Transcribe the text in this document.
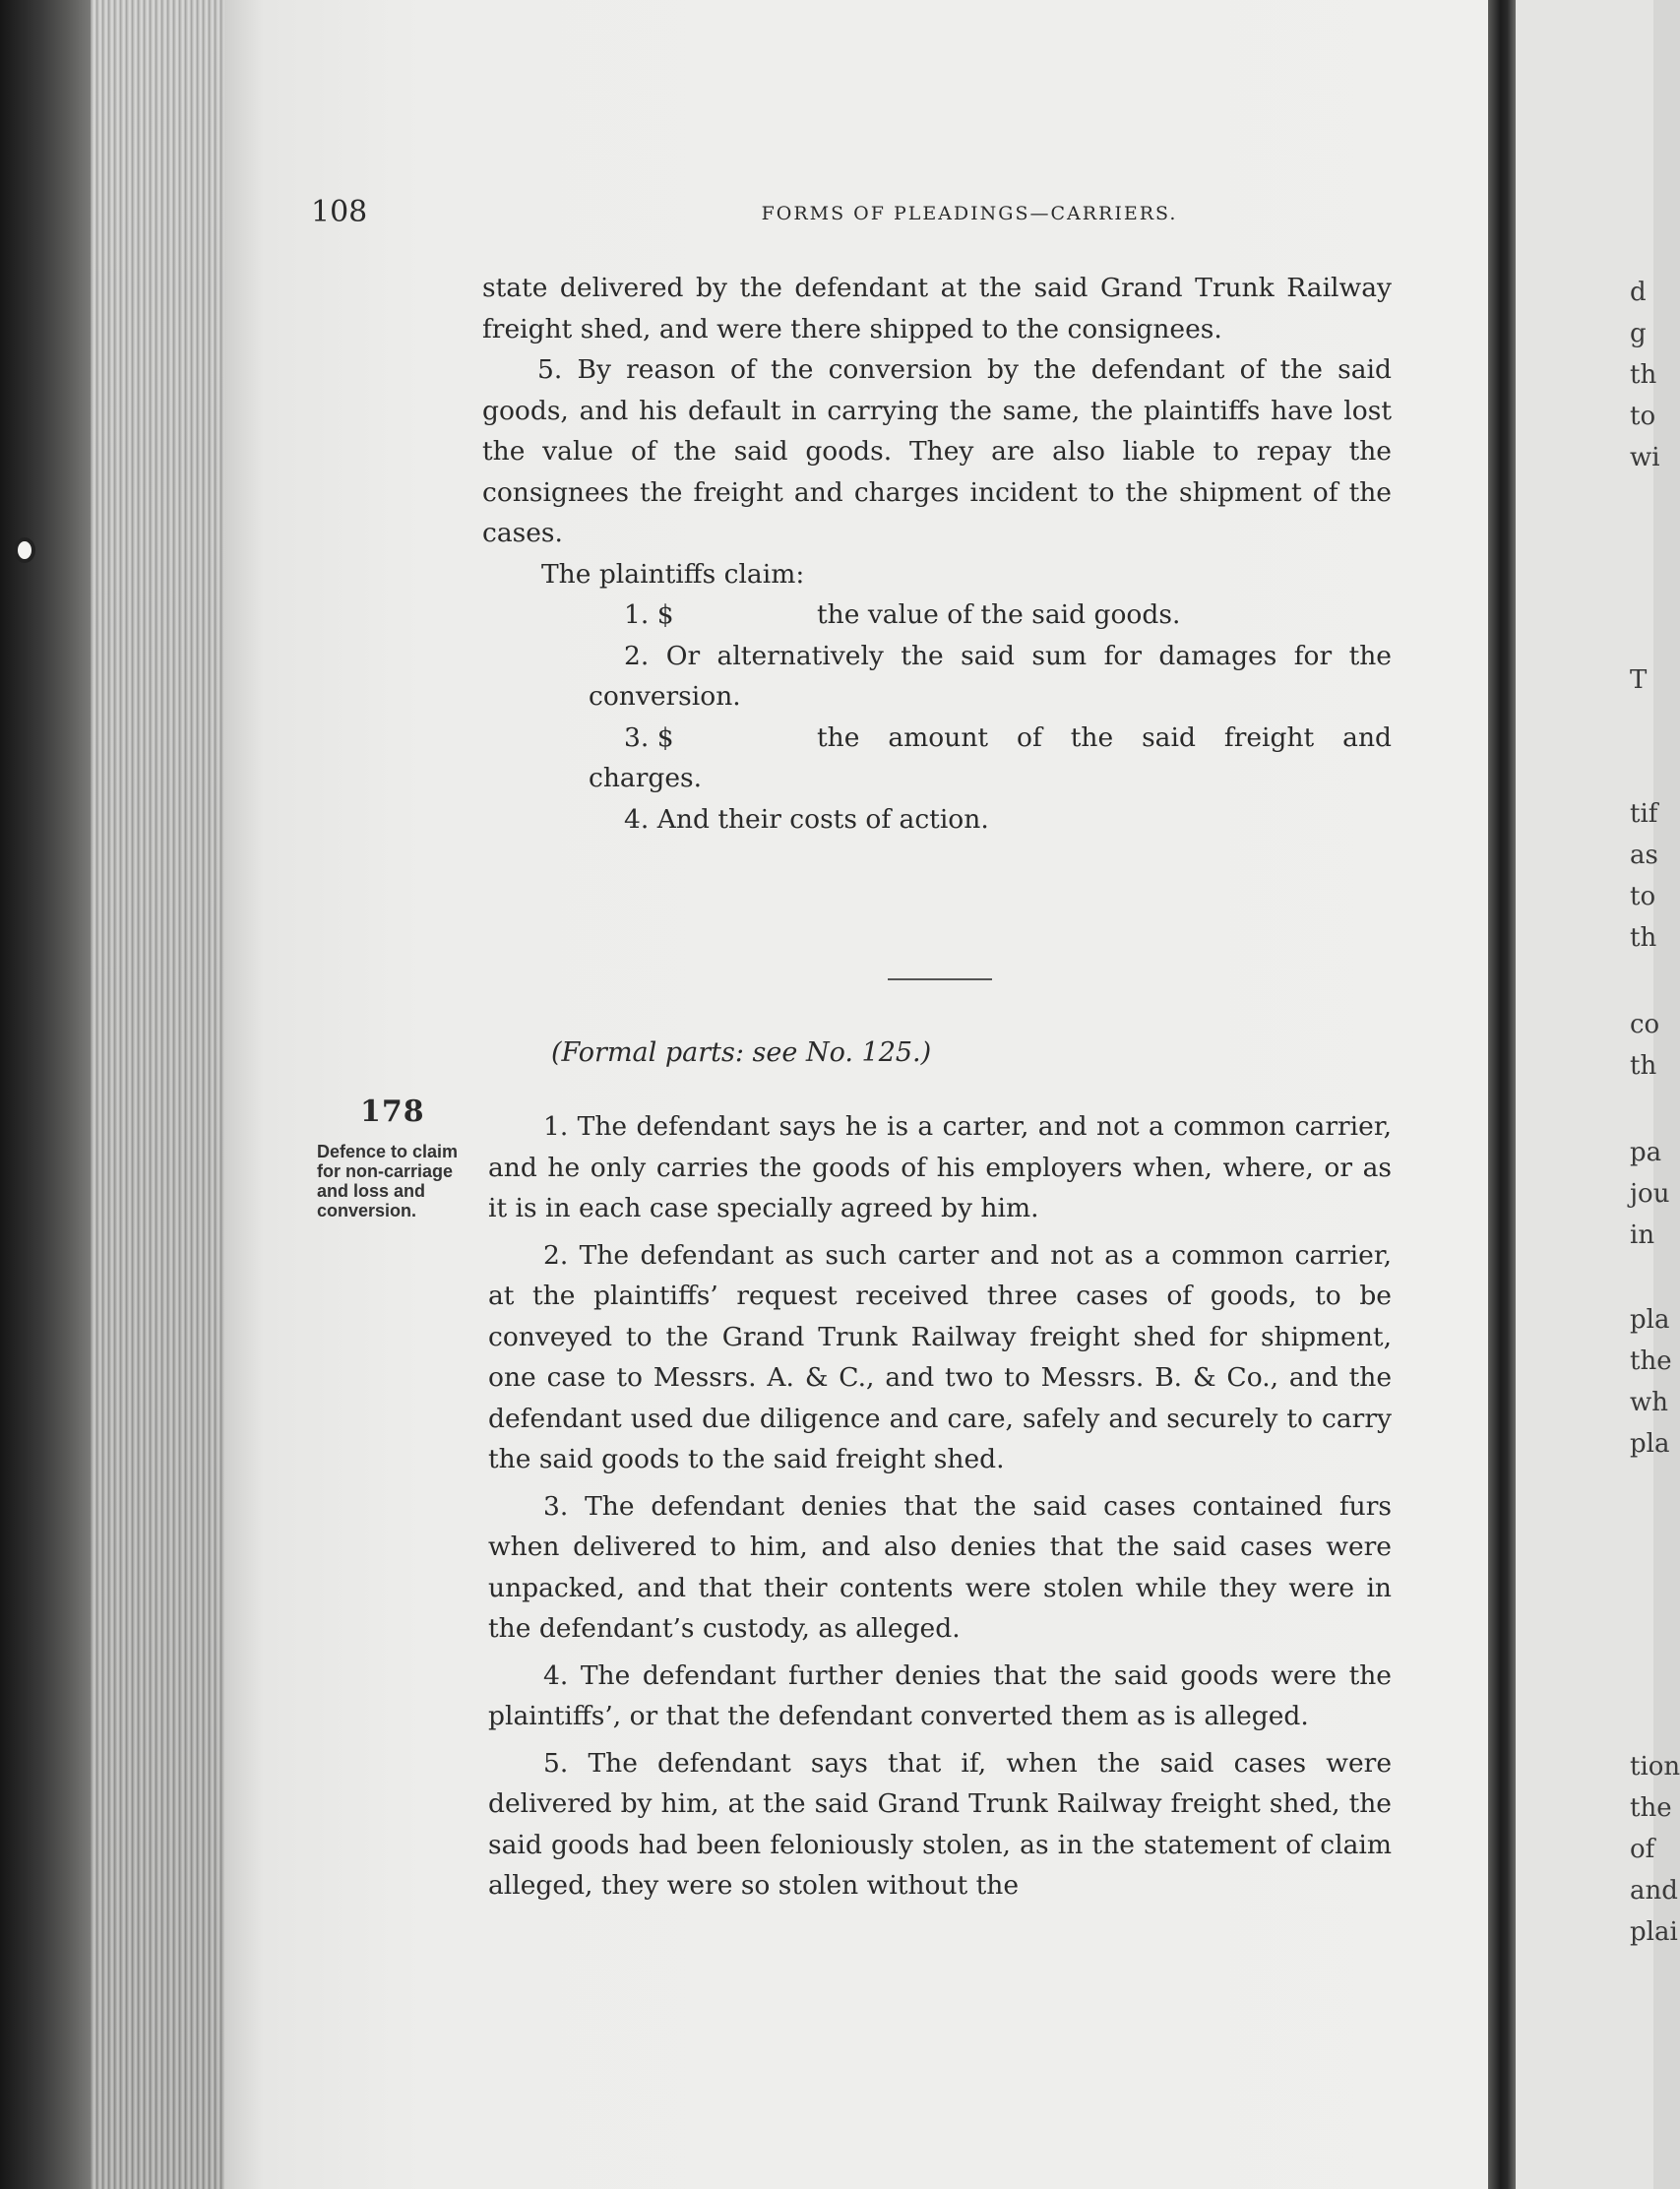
108	FORMS OF PLEADINGS—CARRIERS.

state delivered by the defendant at the said Grand Trunk Railway freight shed, and were there shipped to the consignees.

5. By reason of the conversion by the defendant of the said goods, and his default in carrying the same, the plaintiffs have lost the value of the said goods. They are also liable to repay the consignees the freight and charges incident to the shipment of the cases.

The plaintiffs claim:

1. $	the value of the said goods.

2. Or alternatively the said sum for damages for the conversion.

3. $	the amount of the said freight and charges.

4. And their costs of action.

(Formal parts: see No. 125.)
178
Defence to claim for non-carriage and loss and conversion.

1. The defendant says he is a carter, and not a common carrier, and he only carries the goods of his employers when, where, or as it is in each case specially agreed by him.

2. The defendant as such carter and not as a common carrier, at the plaintiffs’ request received three cases of goods, to be conveyed to the Grand Trunk Railway freight shed for shipment, one case to Messrs. A. & C., and two to Messrs. B. & Co., and the defendant used due diligence and care, safely and securely to carry the said goods to the said freight shed.

3. The defendant denies that the said cases contained furs when delivered to him, and also denies that the said cases were unpacked, and that their contents were stolen while they were in the defendant’s custody, as alleged.

4. The defendant further denies that the said goods were the plaintiffs’, or that the defendant converted them as is alleged.

5. The defendant says that if, when the said cases were delivered by him, at the said Grand Trunk Railway freight shed, the said goods had been feloniously stolen, as in the statement of claim alleged, they were so stolen without the

d
g
th
to
wi
T
tif
as
to
th
co
th
pa
jou
in
pla
the
wh
pla
tion
the
of
and
plai
